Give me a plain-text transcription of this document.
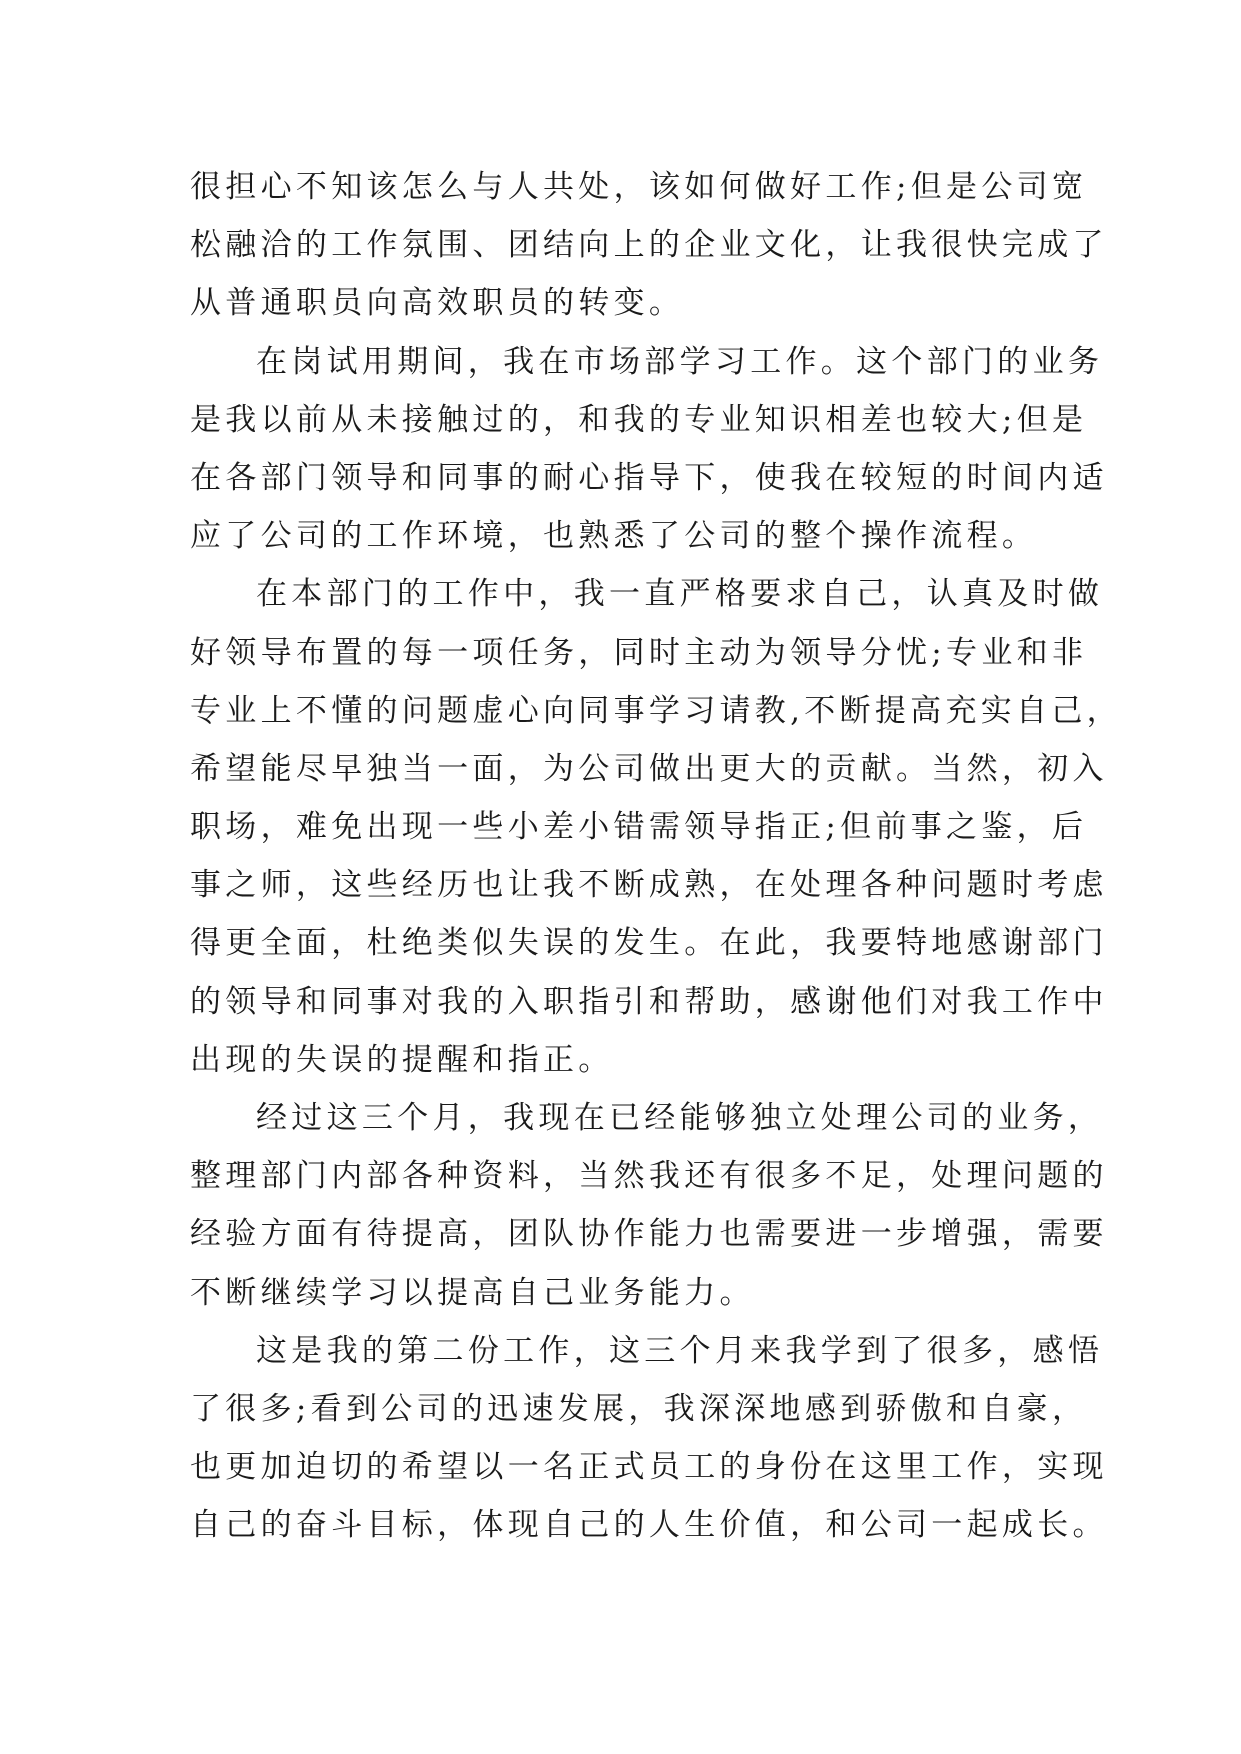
很担心不知该怎么与人共处，该如何做好工作;但是公司宽
松融洽的工作氛围、团结向上的企业文化，让我很快完成了
从普通职员向高效职员的转变。

在岗试用期间，我在市场部学习工作。这个部门的业务
是我以前从未接触过的，和我的专业知识相差也较大;但是
在各部门领导和同事的耐心指导下，使我在较短的时间内适
应了公司的工作环境，也熟悉了公司的整个操作流程。

在本部门的工作中，我一直严格要求自己，认真及时做
好领导布置的每一项任务，同时主动为领导分忧;专业和非
专业上不懂的问题虚心向同事学习请教,不断提高充实自己，
希望能尽早独当一面，为公司做出更大的贡献。当然，初入
职场，难免出现一些小差小错需领导指正;但前事之鉴，后
事之师，这些经历也让我不断成熟，在处理各种问题时考虑
得更全面，杜绝类似失误的发生。在此，我要特地感谢部门
的领导和同事对我的入职指引和帮助，感谢他们对我工作中
出现的失误的提醒和指正。

经过这三个月，我现在已经能够独立处理公司的业务，
整理部门内部各种资料，当然我还有很多不足，处理问题的
经验方面有待提高，团队协作能力也需要进一步增强，需要
不断继续学习以提高自己业务能力。

这是我的第二份工作，这三个月来我学到了很多，感悟
了很多;看到公司的迅速发展，我深深地感到骄傲和自豪，
也更加迫切的希望以一名正式员工的身份在这里工作，实现
自己的奋斗目标，体现自己的人生价值，和公司一起成长。
